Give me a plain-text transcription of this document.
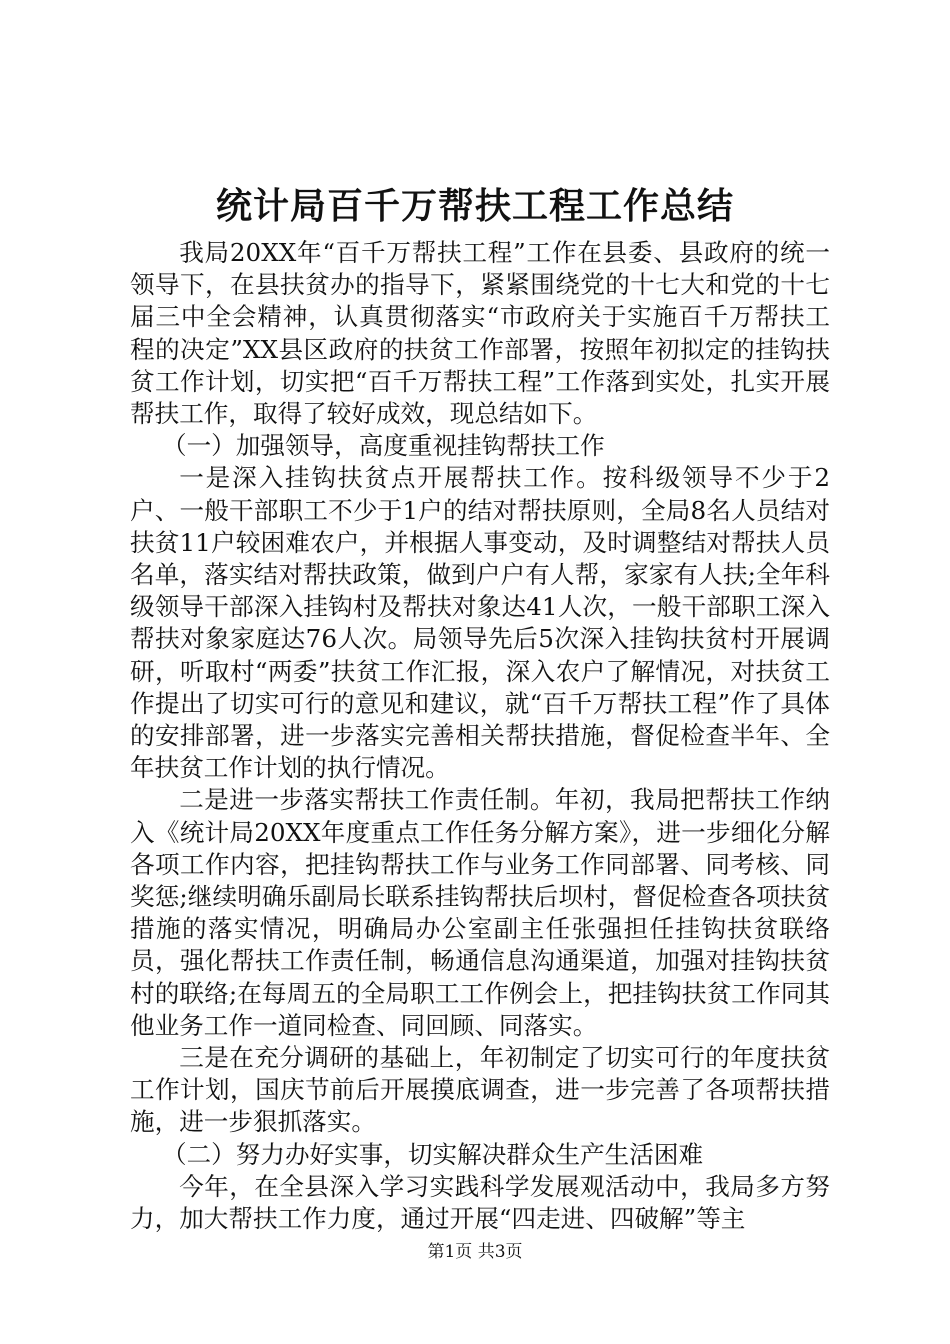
统计局百千万帮扶工程工作总结

我局20XX年“百千万帮扶工程”工作在县委、县政府的统一领导下，在县扶贫办的指导下，紧紧围绕党的十七大和党的十七届三中全会精神，认真贯彻落实“市政府关于实施百千万帮扶工程的决定”XX县区政府的扶贫工作部署，按照年初拟定的挂钩扶贫工作计划，切实把“百千万帮扶工程”工作落到实处，扎实开展帮扶工作，取得了较好成效，现总结如下。

（一）加强领导，高度重视挂钩帮扶工作

一是深入挂钩扶贫点开展帮扶工作。按科级领导不少于2户、一般干部职工不少于1户的结对帮扶原则，全局8名人员结对扶贫11户较困难农户，并根据人事变动，及时调整结对帮扶人员名单，落实结对帮扶政策，做到户户有人帮，家家有人扶;全年科级领导干部深入挂钩村及帮扶对象达41人次，一般干部职工深入帮扶对象家庭达76人次。局领导先后5次深入挂钩扶贫村开展调研，听取村“两委”扶贫工作汇报，深入农户了解情况，对扶贫工作提出了切实可行的意见和建议，就“百千万帮扶工程”作了具体的安排部署，进一步落实完善相关帮扶措施，督促检查半年、全年扶贫工作计划的执行情况。

二是进一步落实帮扶工作责任制。年初，我局把帮扶工作纳入《统计局20XX年度重点工作任务分解方案》，进一步细化分解各项工作内容，把挂钩帮扶工作与业务工作同部署、同考核、同奖惩;继续明确乐副局长联系挂钩帮扶后坝村，督促检查各项扶贫措施的落实情况，明确局办公室副主任张强担任挂钩扶贫联络员，强化帮扶工作责任制，畅通信息沟通渠道，加强对挂钩扶贫村的联络;在每周五的全局职工工作例会上，把挂钩扶贫工作同其他业务工作一道同检查、同回顾、同落实。

三是在充分调研的基础上，年初制定了切实可行的年度扶贫工作计划，国庆节前后开展摸底调查，进一步完善了各项帮扶措施，进一步狠抓落实。

（二）努力办好实事，切实解决群众生产生活困难

今年，在全县深入学习实践科学发展观活动中，我局多方努力，加大帮扶工作力度，通过开展“四走进、四破解”等主

第1页 共3页
